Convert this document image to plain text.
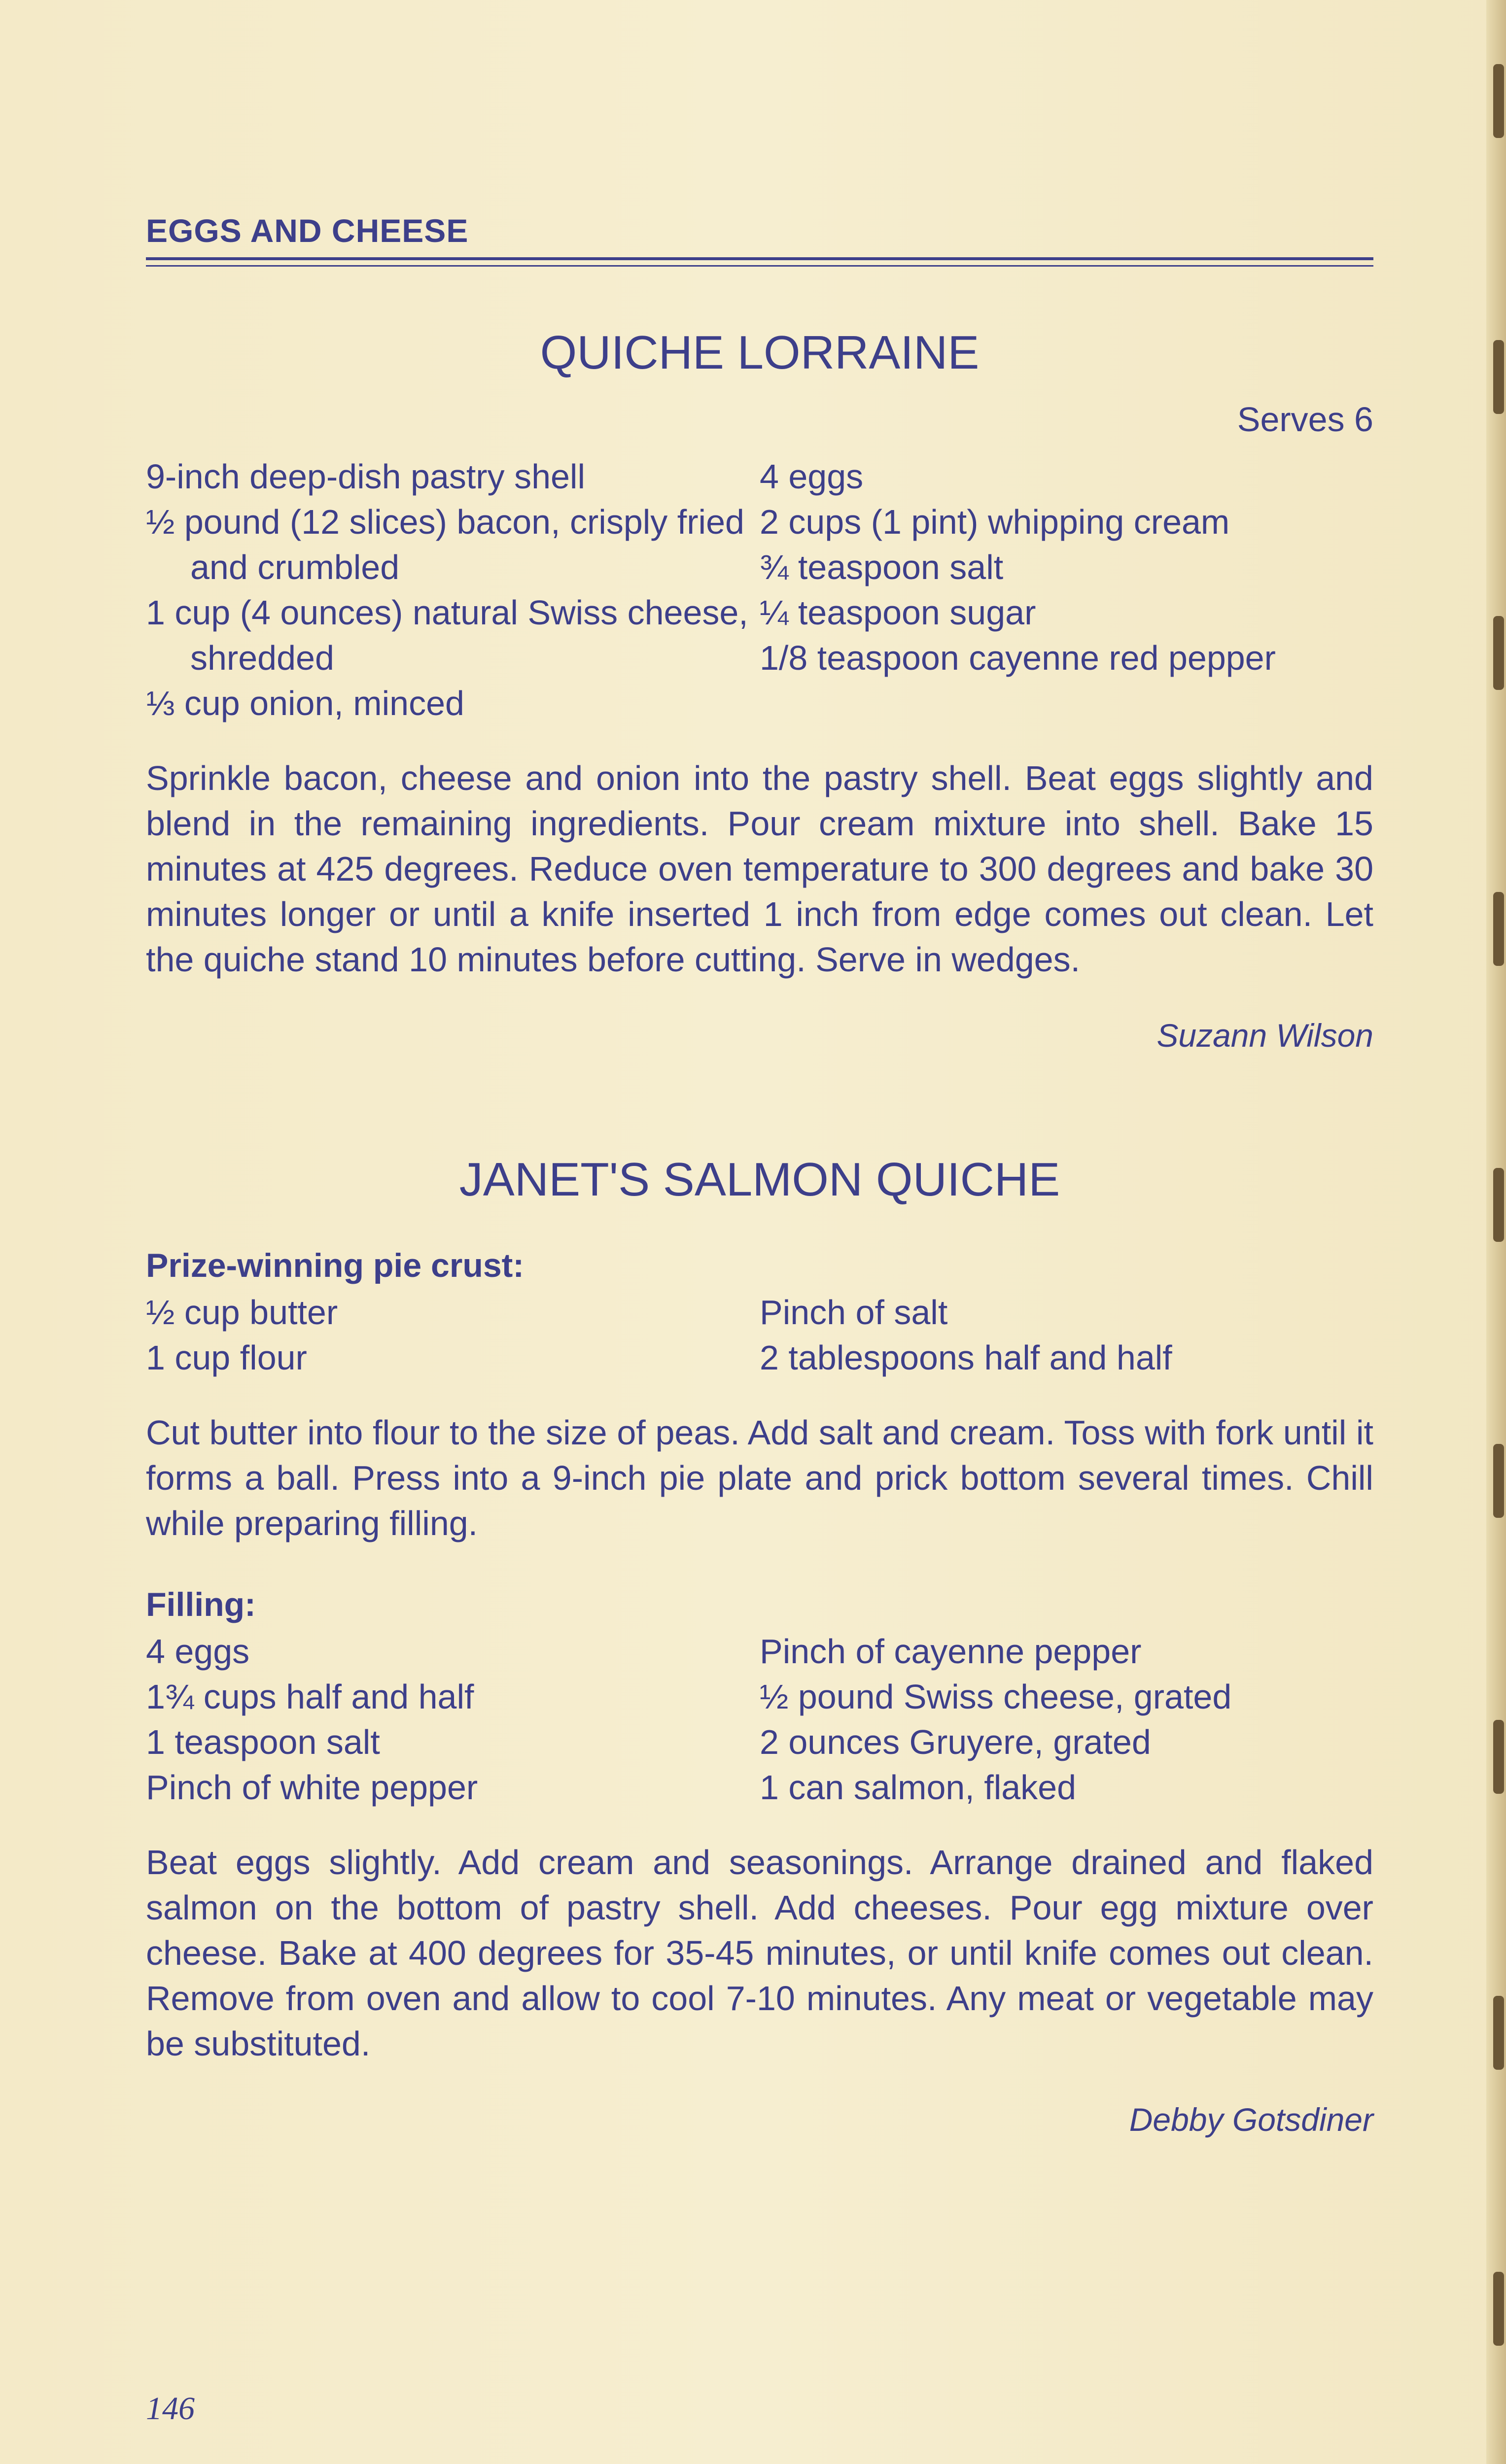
EGGS AND CHEESE
QUICHE LORRAINE
Serves 6
9-inch deep-dish pastry shell
½ pound (12 slices) bacon, crisply fried and crumbled
1 cup (4 ounces) natural Swiss cheese, shredded
⅓ cup onion, minced
4 eggs
2 cups (1 pint) whipping cream
¾ teaspoon salt
¼ teaspoon sugar
1/8 teaspoon cayenne red pepper

Sprinkle bacon, cheese and onion into the pastry shell. Beat eggs slightly and blend in the remaining ingredients. Pour cream mixture into shell. Bake 15 minutes at 425 degrees. Reduce oven temperature to 300 degrees and bake 30 minutes longer or until a knife inserted 1 inch from edge comes out clean. Let the quiche stand 10 minutes before cutting. Serve in wedges.

Suzann Wilson
JANET'S SALMON QUICHE
Prize-winning pie crust:
½ cup butter
1 cup flour
Pinch of salt
2 tablespoons half and half

Cut butter into flour to the size of peas. Add salt and cream. Toss with fork until it forms a ball. Press into a 9-inch pie plate and prick bottom several times. Chill while preparing filling.

Filling:
4 eggs
1¾ cups half and half
1 teaspoon salt
Pinch of white pepper
Pinch of cayenne pepper
½ pound Swiss cheese, grated
2 ounces Gruyere, grated
1 can salmon, flaked

Beat eggs slightly. Add cream and seasonings. Arrange drained and flaked salmon on the bottom of pastry shell. Add cheeses. Pour egg mixture over cheese. Bake at 400 degrees for 35-45 minutes, or until knife comes out clean. Remove from oven and allow to cool 7-10 minutes. Any meat or vegetable may be substituted.

Debby Gotsdiner
146
